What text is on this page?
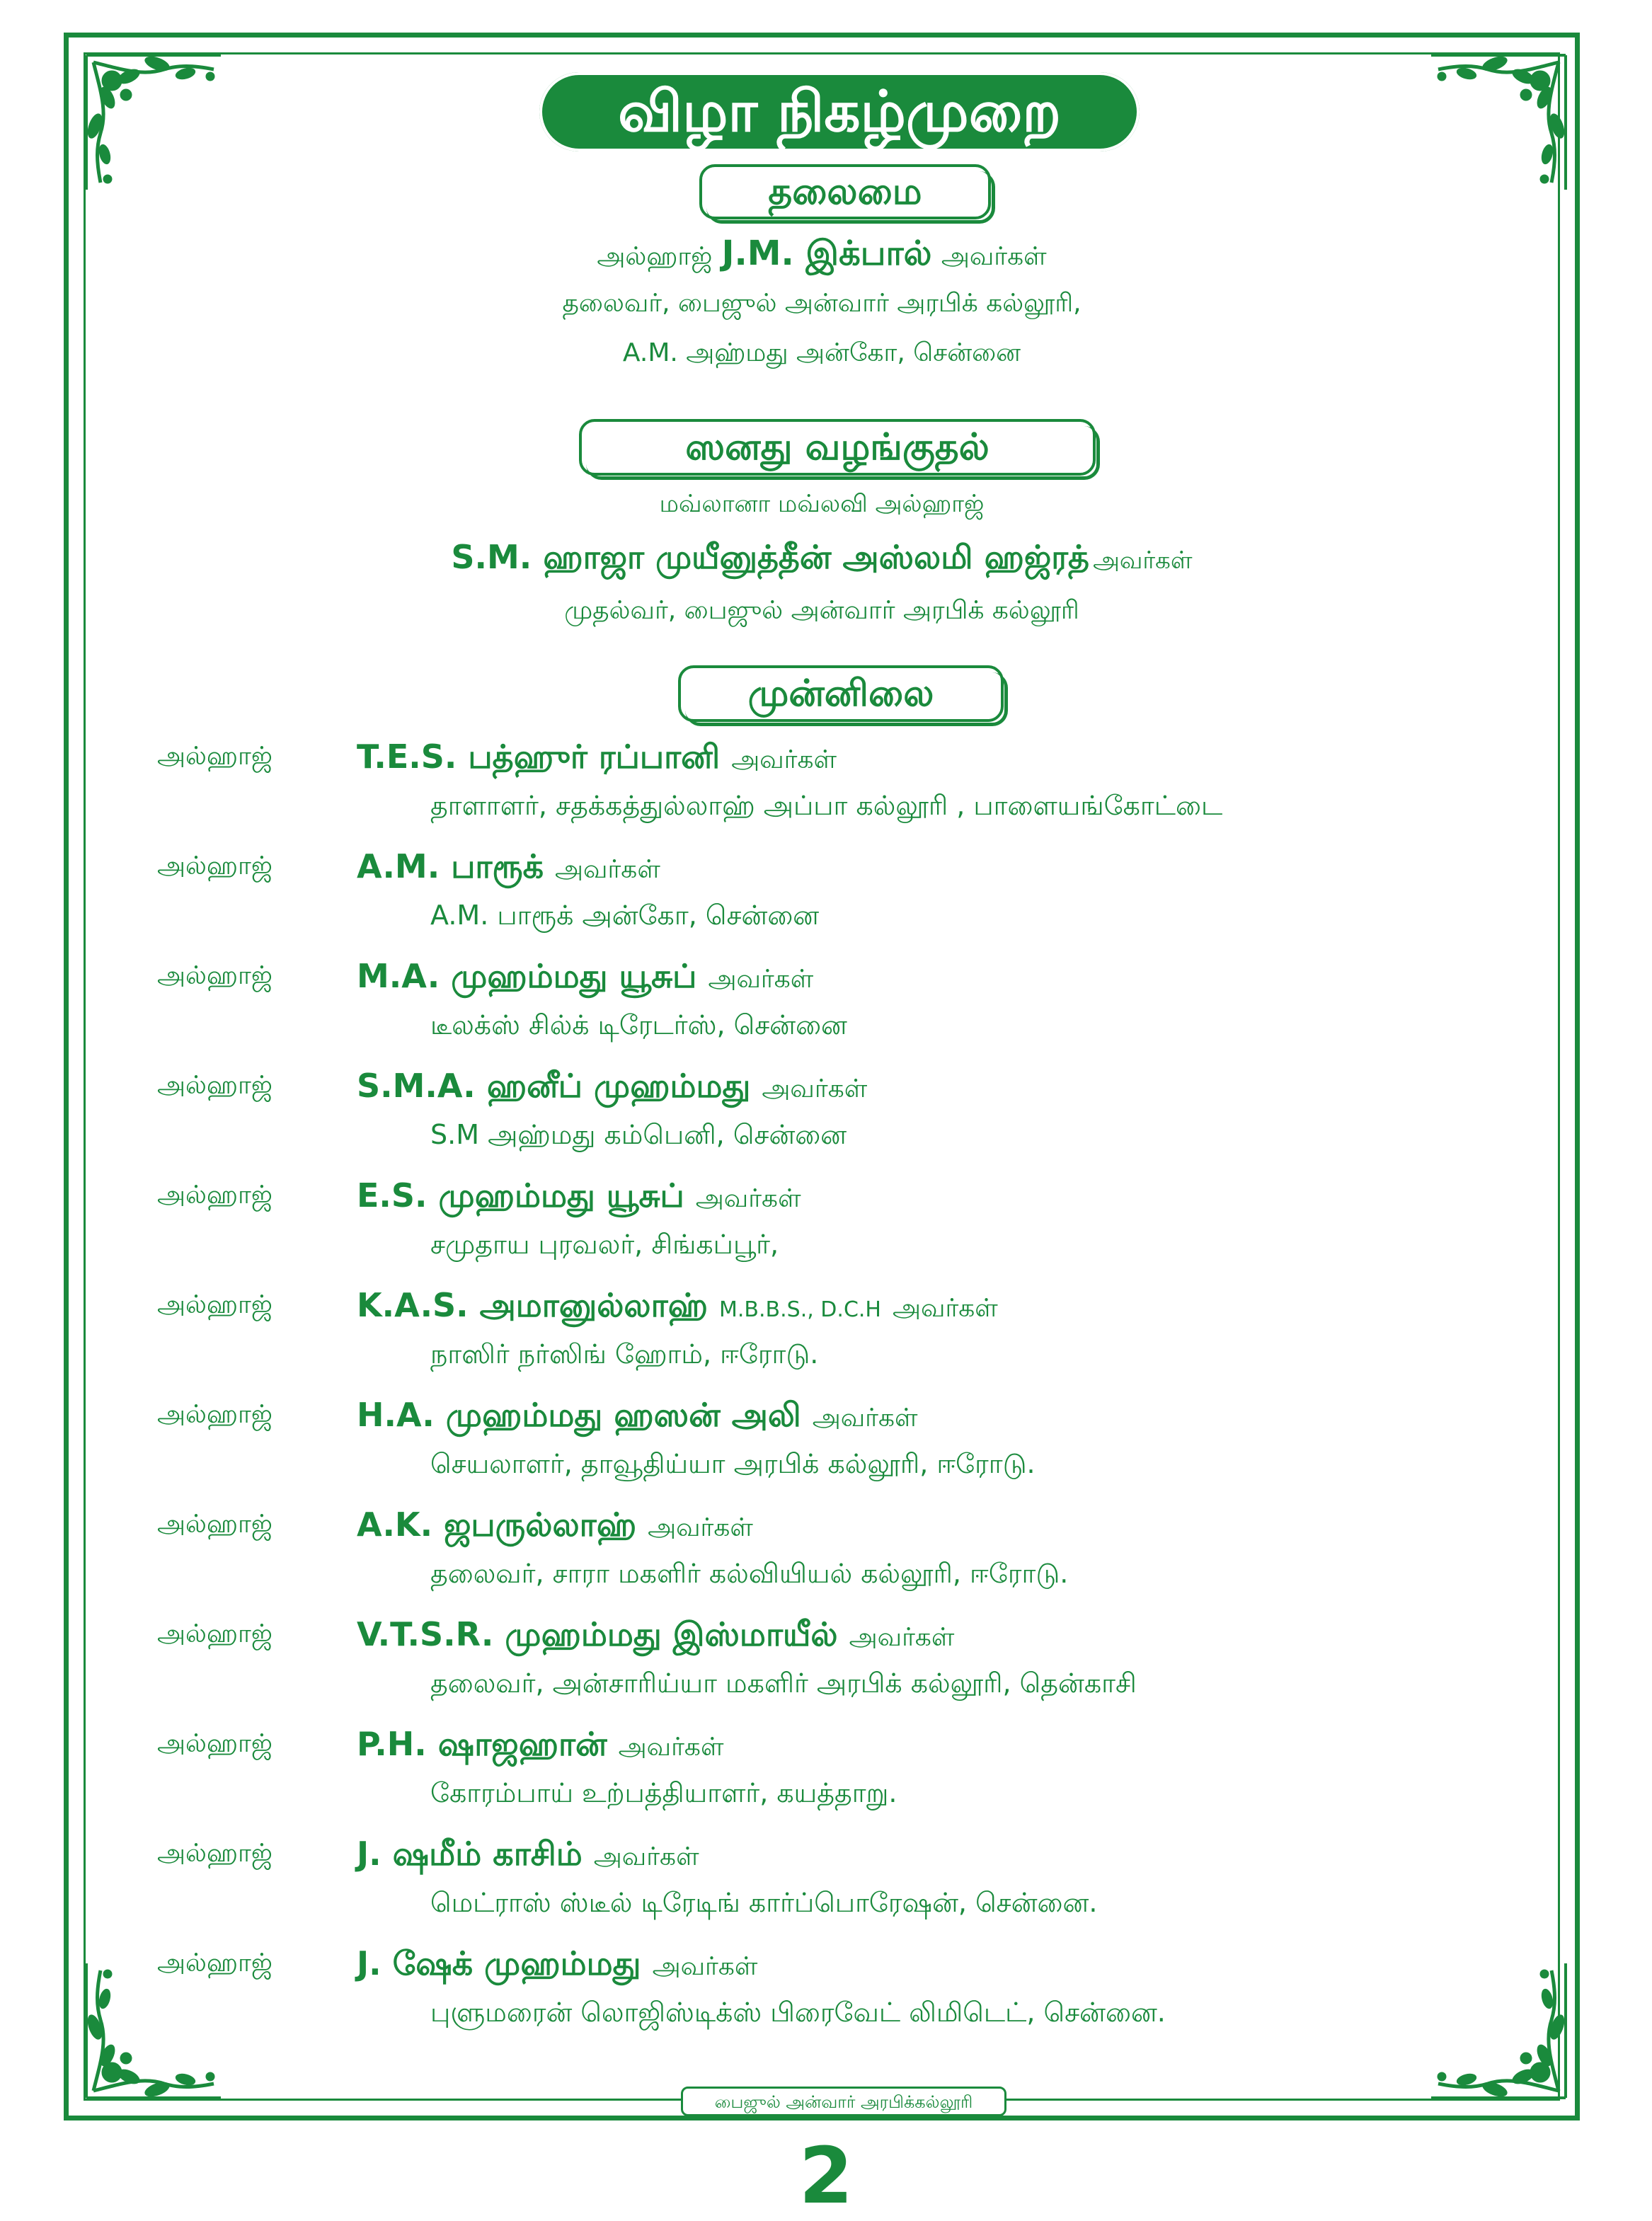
விழா நிகழ்முறை
தலைமை
அல்ஹாஜ் J.M. இக்பால் அவர்கள்
தலைவர், பைஜுல் அன்வார் அரபிக் கல்லூரி,
A.M. அஹ்மது அன்கோ, சென்னை
ஸனது வழங்குதல்
மவ்லானா மவ்லவி அல்ஹாஜ்
S.M. ஹாஜா முயீனுத்தீன் அஸ்லமி ஹஜ்ரத் அவர்கள்
முதல்வர், பைஜுல் அன்வார் அரபிக் கல்லூரி
முன்னிலை
அல்ஹாஜ்	T.E.S. பத்ஹுர் ரப்பானி அவர்கள்
தாளாளர், சதக்கத்துல்லாஹ் அப்பா கல்லூரி , பாளையங்கோட்டை
அல்ஹாஜ்	A.M. பாரூக் அவர்கள்
A.M. பாரூக் அன்கோ, சென்னை
அல்ஹாஜ்	M.A. முஹம்மது யூசுப் அவர்கள்
டீலக்ஸ் சில்க் டிரேடர்ஸ், சென்னை
அல்ஹாஜ்	S.M.A. ஹனீப் முஹம்மது அவர்கள்
S.M அஹ்மது கம்பெனி, சென்னை
அல்ஹாஜ்	E.S. முஹம்மது யூசுப் அவர்கள்
சமுதாய புரவலர், சிங்கப்பூர்,
அல்ஹாஜ்	K.A.S. அமானுல்லாஹ் M.B.B.S., D.C.H அவர்கள்
நாஸிர் நர்ஸிங் ஹோம், ஈரோடு.
அல்ஹாஜ்	H.A. முஹம்மது ஹஸன் அலி அவர்கள்
செயலாளர், தாவூதிய்யா அரபிக் கல்லூரி, ஈரோடு.
அல்ஹாஜ்	A.K. ஜபருல்லாஹ் அவர்கள்
தலைவர், சாரா மகளிர் கல்வியியல் கல்லூரி, ஈரோடு.
அல்ஹாஜ்	V.T.S.R. முஹம்மது இஸ்மாயீல் அவர்கள்
தலைவர், அன்சாரிய்யா மகளிர் அரபிக் கல்லூரி, தென்காசி
அல்ஹாஜ்	P.H. ஷாஜஹான் அவர்கள்
கோரம்பாய் உற்பத்தியாளர், கயத்தாறு.
அல்ஹாஜ்	J. ஷமீம் காசிம் அவர்கள்
மெட்ராஸ் ஸ்டீல் டிரேடிங் கார்ப்பொரேஷன், சென்னை.
அல்ஹாஜ்	J. ஷேக் முஹம்மது அவர்கள்
புளுமரைன் லொஜிஸ்டிக்ஸ் பிரைவேட் லிமிடெட், சென்னை.
பைஜுல் அன்வார் அரபிக்கல்லூரி
2
